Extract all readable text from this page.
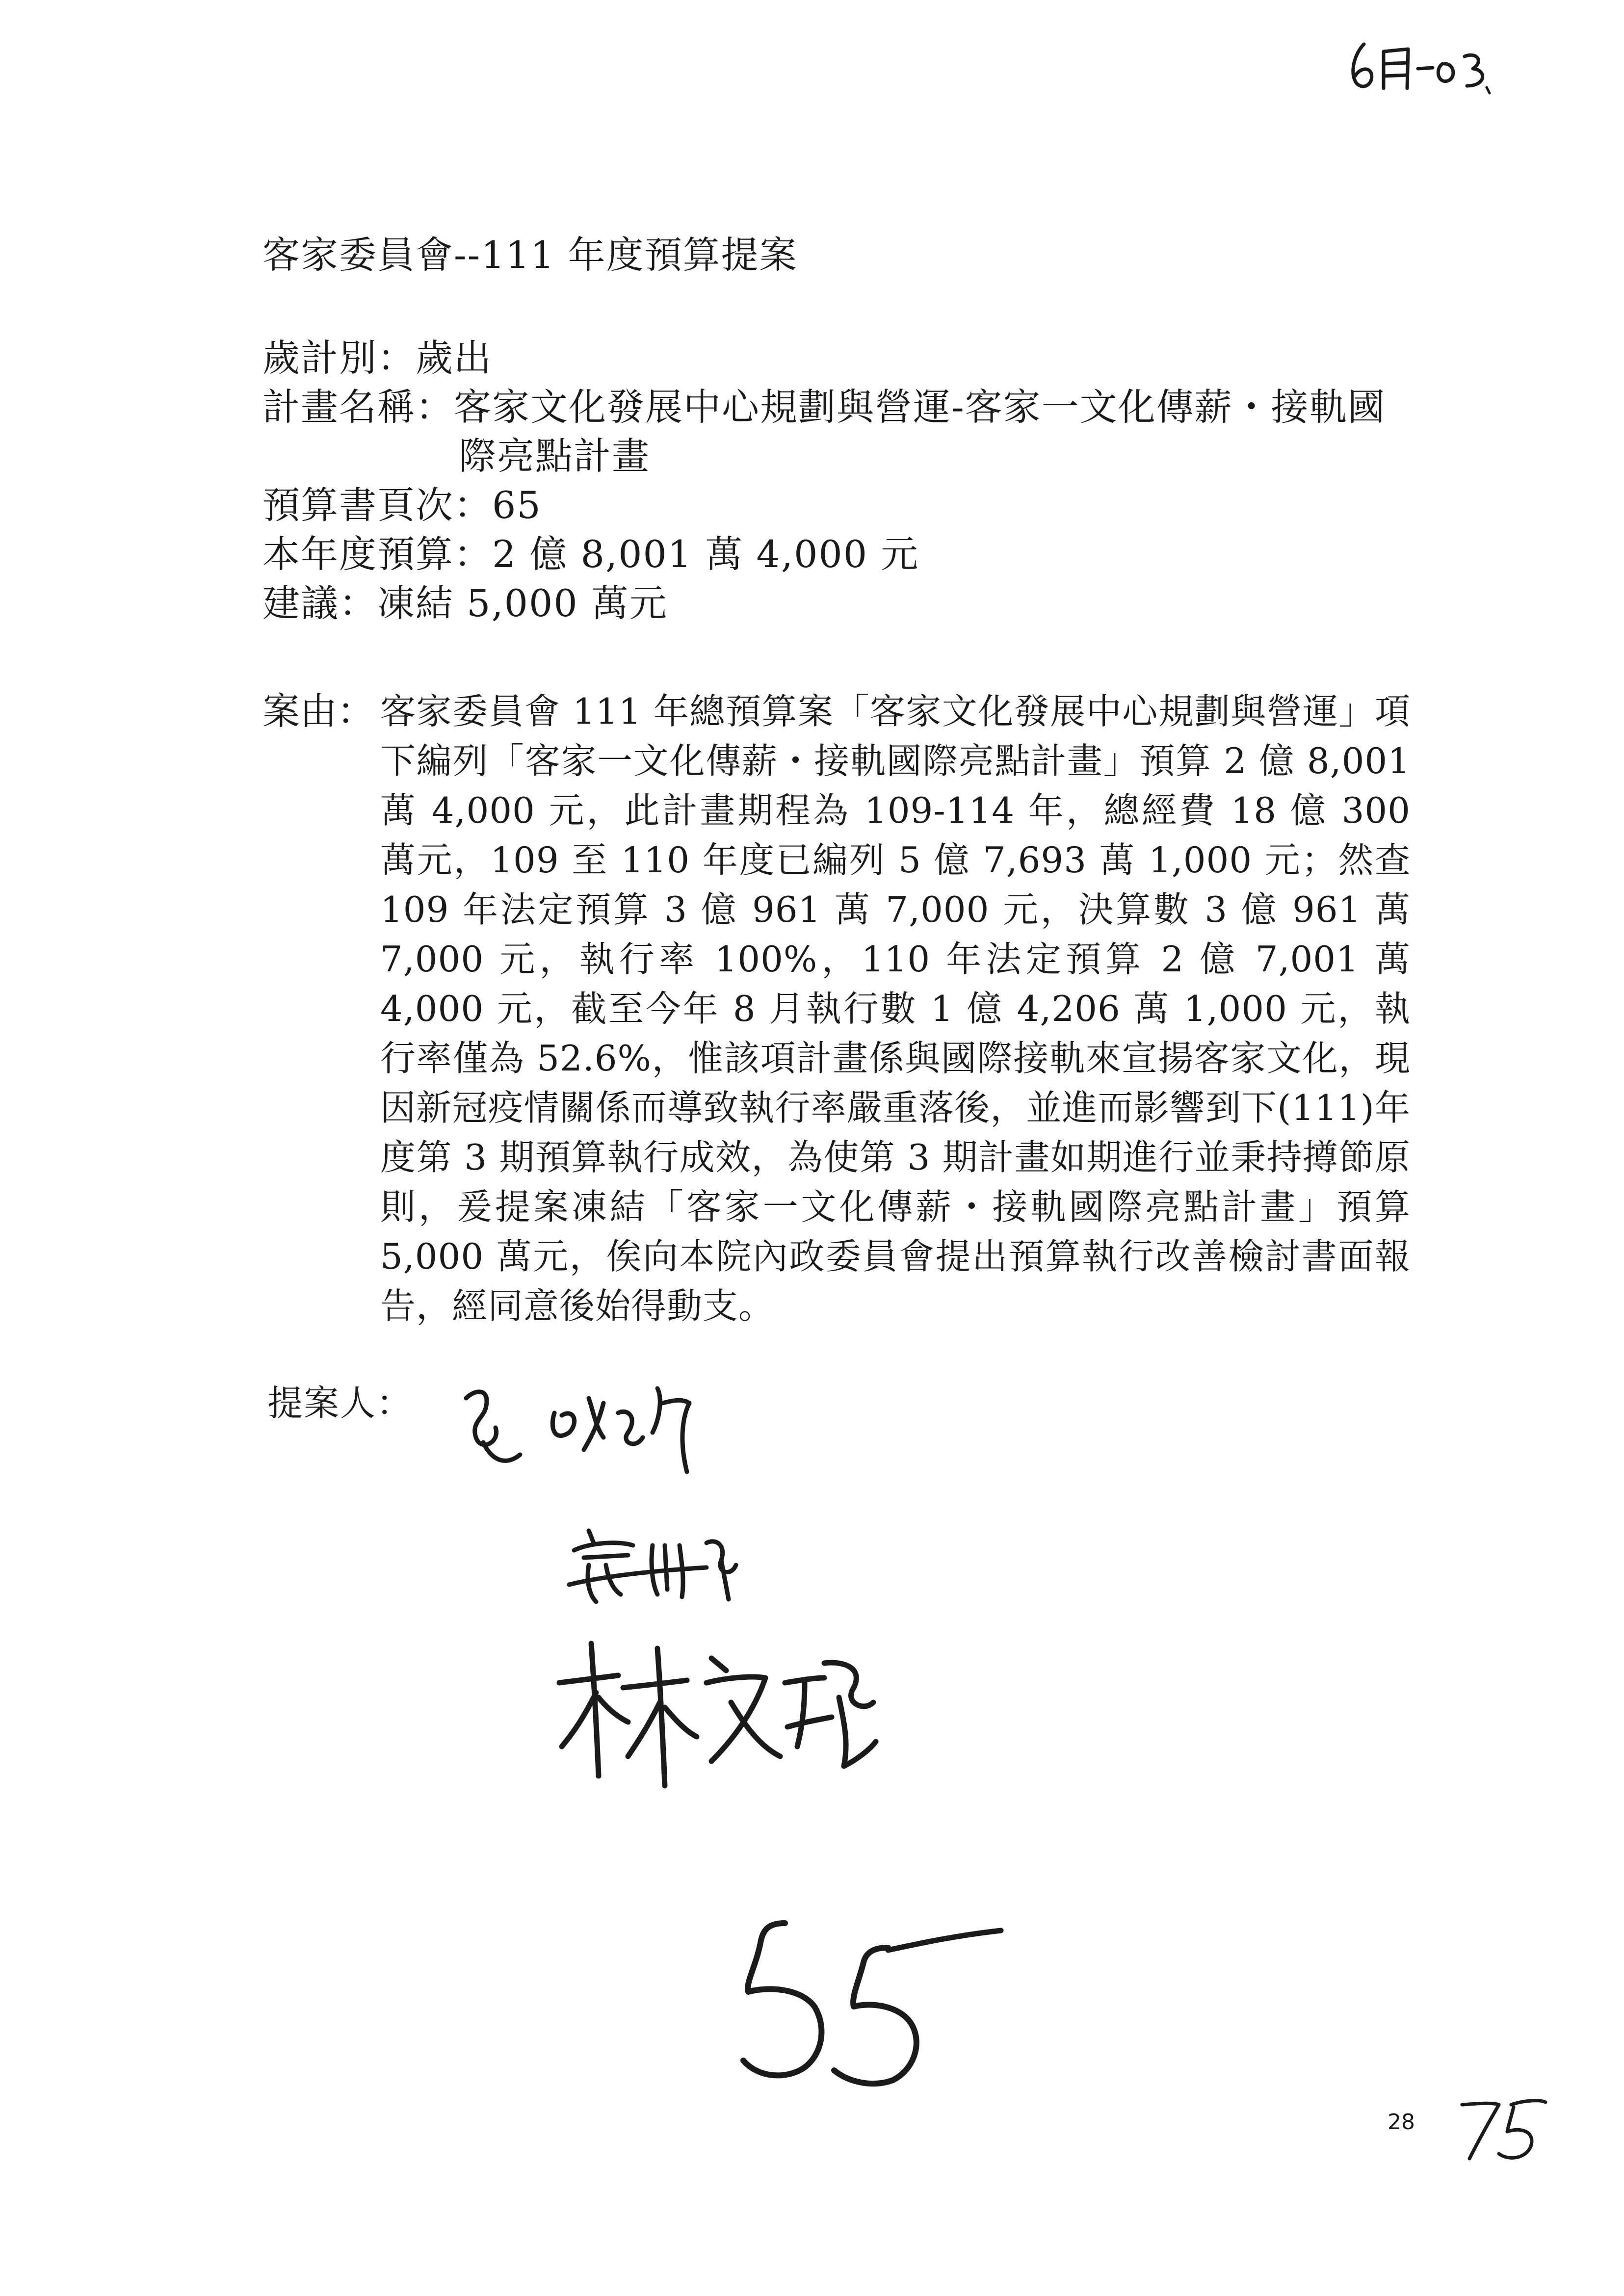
客家委員會--111 年度預算提案
歲計別：歲出
計畫名稱：客家文化發展中心規劃與營運-客家一文化傳薪・接軌國
際亮點計畫
預算書頁次：65
本年度預算：2 億 8,001 萬 4,000 元
建議：凍結 5,000 萬元
案由： 客家委員會 111 年總預算案「客家文化發展中心規劃與營運」項下編列「客家一文化傳薪・接軌國際亮點計畫」預算 2 億 8,001 萬 4,000 元，此計畫期程為 109-114 年，總經費 18 億 300 萬元，109 至 110 年度已編列 5 億 7,693 萬 1,000 元；然查 109 年法定預算 3 億 961 萬 7,000 元，決算數 3 億 961 萬 7,000 元，執行率 100%，110 年法定預算 2 億 7,001 萬 4,000 元，截至今年 8 月執行數 1 億 4,206 萬 1,000 元，執行率僅為 52.6%，惟該項計畫係與國際接軌來宣揚客家文化，現因新冠疫情關係而導致執行率嚴重落後，並進而影響到下(111)年度第 3 期預算執行成效，為使第 3 期計畫如期進行並秉持撙節原則，爰提案凍結「客家一文化傳薪・接軌國際亮點計畫」預算 5,000 萬元，俟向本院內政委員會提出預算執行改善檢討書面報告，經同意後始得動支。
提案人：
28
